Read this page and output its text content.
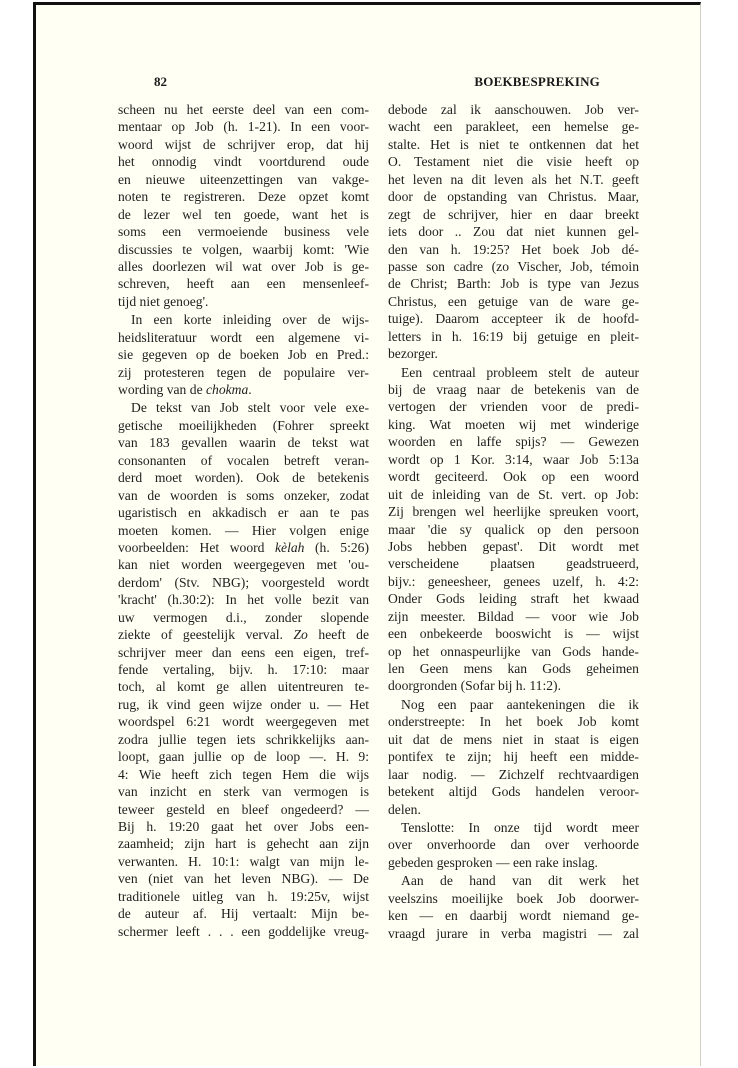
82	BOEKBESPREKING
scheen nu het eerste deel van een com-
mentaar op Job (h. 1-21). In een voor-
woord wijst de schrijver erop, dat hij
het onnodig vindt voortdurend oude
en nieuwe uiteenzettingen van vakge-
noten te registreren. Deze opzet komt
de lezer wel ten goede, want het is
soms een vermoeiende business vele
discussies te volgen, waarbij komt: 'Wie
alles doorlezen wil wat over Job is ge-
schreven, heeft aan een mensenleef-
tijd niet genoeg'.
In een korte inleiding over de wijs-
heidsliteratuur wordt een algemene vi-
sie gegeven op de boeken Job en Pred.:
zij protesteren tegen de populaire ver-
wording van de chokma.
De tekst van Job stelt voor vele exe-
getische moeilijkheden (Fohrer spreekt
van 183 gevallen waarin de tekst wat
consonanten of vocalen betreft veran-
derd moet worden). Ook de betekenis
van de woorden is soms onzeker, zodat
ugaristisch en akkadisch er aan te pas
moeten komen. — Hier volgen enige
voorbeelden: Het woord kèlah (h. 5:26)
kan niet worden weergegeven met 'ou-
derdom' (Stv. NBG); voorgesteld wordt
'kracht' (h.30:2): In het volle bezit van
uw vermogen d.i., zonder slopende
ziekte of geestelijk verval. Zo heeft de
schrijver meer dan eens een eigen, tref-
fende vertaling, bijv. h. 17:10: maar
toch, al komt ge allen uitentreuren te-
rug, ik vind geen wijze onder u. — Het
woordspel 6:21 wordt weergegeven met
zodra jullie tegen iets schrikkelijks aan-
loopt, gaan jullie op de loop —. H. 9:
4: Wie heeft zich tegen Hem die wijs
van inzicht en sterk van vermogen is
teweer gesteld en bleef ongedeerd? —
Bij h. 19:20 gaat het over Jobs een-
zaamheid; zijn hart is gehecht aan zijn
verwanten. H. 10:1: walgt van mijn le-
ven (niet van het leven NBG). — De
traditionele uitleg van h. 19:25v, wijst
de auteur af. Hij vertaalt: Mijn be-
schermer leeft . . . een goddelijke vreug-
debode zal ik aanschouwen. Job ver-
wacht een parakleet, een hemelse ge-
stalte. Het is niet te ontkennen dat het
O. Testament niet die visie heeft op
het leven na dit leven als het N.T. geeft
door de opstanding van Christus. Maar,
zegt de schrijver, hier en daar breekt
iets door .. Zou dat niet kunnen gel-
den van h. 19:25? Het boek Job dé-
passe son cadre (zo Vischer, Job, témoin
de Christ; Barth: Job is type van Jezus
Christus, een getuige van de ware ge-
tuige). Daarom accepteer ik de hoofd-
letters in h. 16:19 bij getuige en pleit-
bezorger.
Een centraal probleem stelt de auteur
bij de vraag naar de betekenis van de
vertogen der vrienden voor de predi-
king. Wat moeten wij met winderige
woorden en laffe spijs? — Gewezen
wordt op 1 Kor. 3:14, waar Job 5:13a
wordt geciteerd. Ook op een woord
uit de inleiding van de St. vert. op Job:
Zij brengen wel heerlijke spreuken voort,
maar 'die sy qualick op den persoon
Jobs hebben gepast'. Dit wordt met
verscheidene plaatsen geadstrueerd,
bijv.: geneesheer, genees uzelf, h. 4:2:
Onder Gods leiding straft het kwaad
zijn meester. Bildad — voor wie Job
een onbekeerde booswicht is — wijst
op het onnaspeurlijke van Gods hande-
len Geen mens kan Gods geheimen
doorgronden (Sofar bij h. 11:2).
Nog een paar aantekeningen die ik
onderstreepte: In het boek Job komt
uit dat de mens niet in staat is eigen
pontifex te zijn; hij heeft een midde-
laar nodig. — Zichzelf rechtvaardigen
betekent altijd Gods handelen veroor-
delen.
Tenslotte: In onze tijd wordt meer
over onverhoorde dan over verhoorde
gebeden gesproken — een rake inslag.
Aan de hand van dit werk het
veelszins moeilijke boek Job doorwer-
ken — en daarbij wordt niemand ge-
vraagd jurare in verba magistri — zal
